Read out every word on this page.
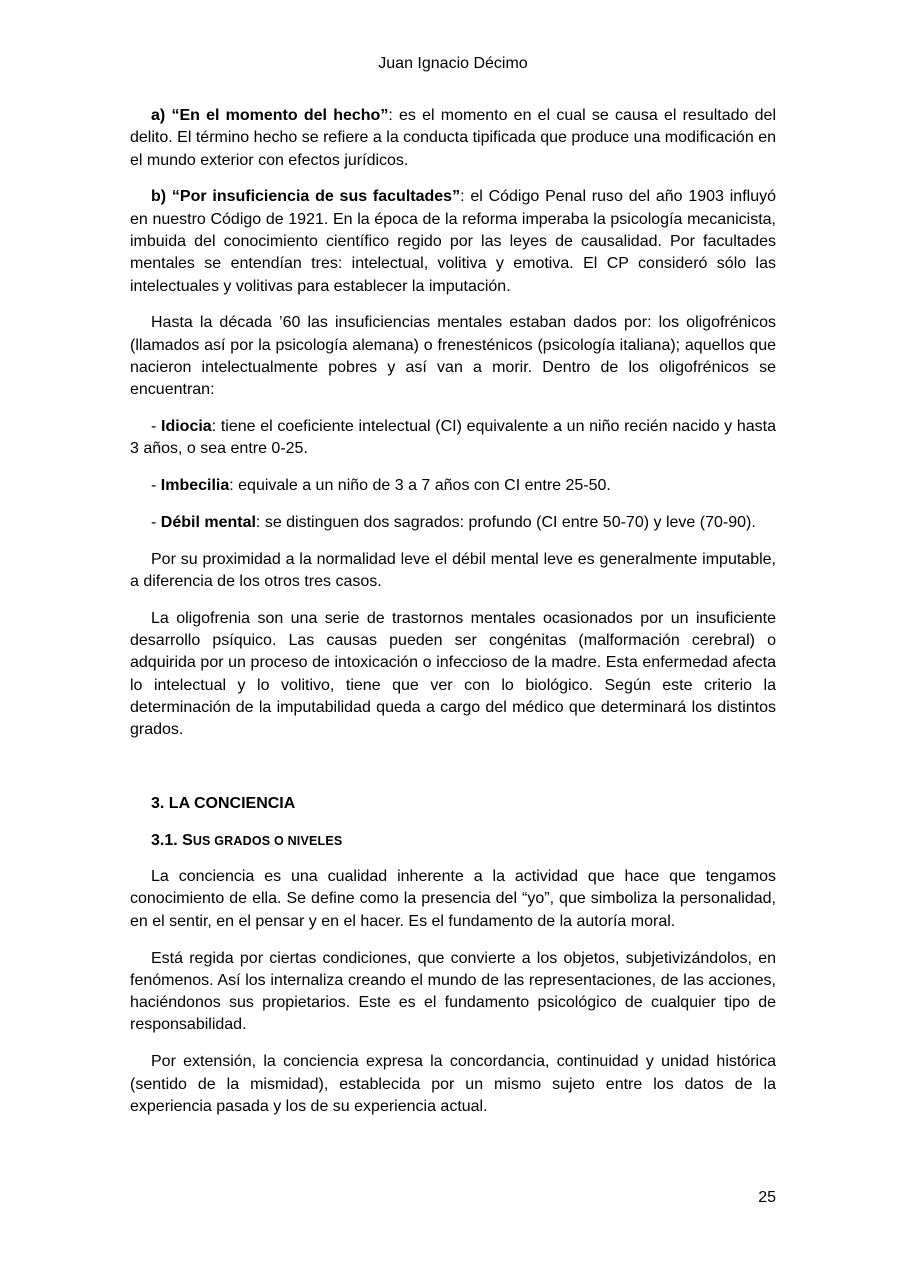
Juan Ignacio Décimo

a) “En el momento del hecho”: es el momento en el cual se causa el resultado del delito. El término hecho se refiere a la conducta tipificada que produce una modificación en el mundo exterior con efectos jurídicos.

b) “Por insuficiencia de sus facultades”: el Código Penal ruso del año 1903 influyó en nuestro Código de 1921. En la época de la reforma imperaba la psicología mecanicista, imbuida del conocimiento científico regido por las leyes de causalidad. Por facultades mentales se entendían tres: intelectual, volitiva y emotiva. El CP consideró sólo las intelectuales y volitivas para establecer la imputación.

Hasta la década ’60 las insuficiencias mentales estaban dados por: los oligofrénicos (llamados así por la psicología alemana) o frenesténicos (psicología italiana); aquellos que nacieron intelectualmente pobres y así van a morir. Dentro de los oligofrénicos se encuentran:

- Idiocia: tiene el coeficiente intelectual (CI) equivalente a un niño recién nacido y hasta 3 años, o sea entre 0-25.

- Imbecilia: equivale a un niño de 3 a 7 años con CI entre 25-50.

- Débil mental: se distinguen dos sagrados: profundo (CI entre 50-70) y leve (70-90).

Por su proximidad a la normalidad leve el débil mental leve es generalmente imputable, a diferencia de los otros tres casos.

La oligofrenia son una serie de trastornos mentales ocasionados por un insuficiente desarrollo psíquico. Las causas pueden ser congénitas (malformación cerebral) o adquirida por un proceso de intoxicación o infeccioso de la madre. Esta enfermedad afecta lo intelectual y lo volitivo, tiene que ver con lo biológico. Según este criterio la determinación de la imputabilidad queda a cargo del médico que determinará los distintos grados.

3. LA CONCIENCIA
3.1. SUS GRADOS O NIVELES

La conciencia es una cualidad inherente a la actividad que hace que tengamos conocimiento de ella. Se define como la presencia del “yo”, que simboliza la personalidad, en el sentir, en el pensar y en el hacer. Es el fundamento de la autoría moral.

Está regida por ciertas condiciones, que convierte a los objetos, subjetivizándolos, en fenómenos. Así los internaliza creando el mundo de las representaciones, de las acciones, haciéndonos sus propietarios. Este es el fundamento psicológico de cualquier tipo de responsabilidad.

Por extensión, la conciencia expresa la concordancia, continuidad y unidad histórica (sentido de la mismidad), establecida por un mismo sujeto entre los datos de la experiencia pasada y los de su experiencia actual.

25
